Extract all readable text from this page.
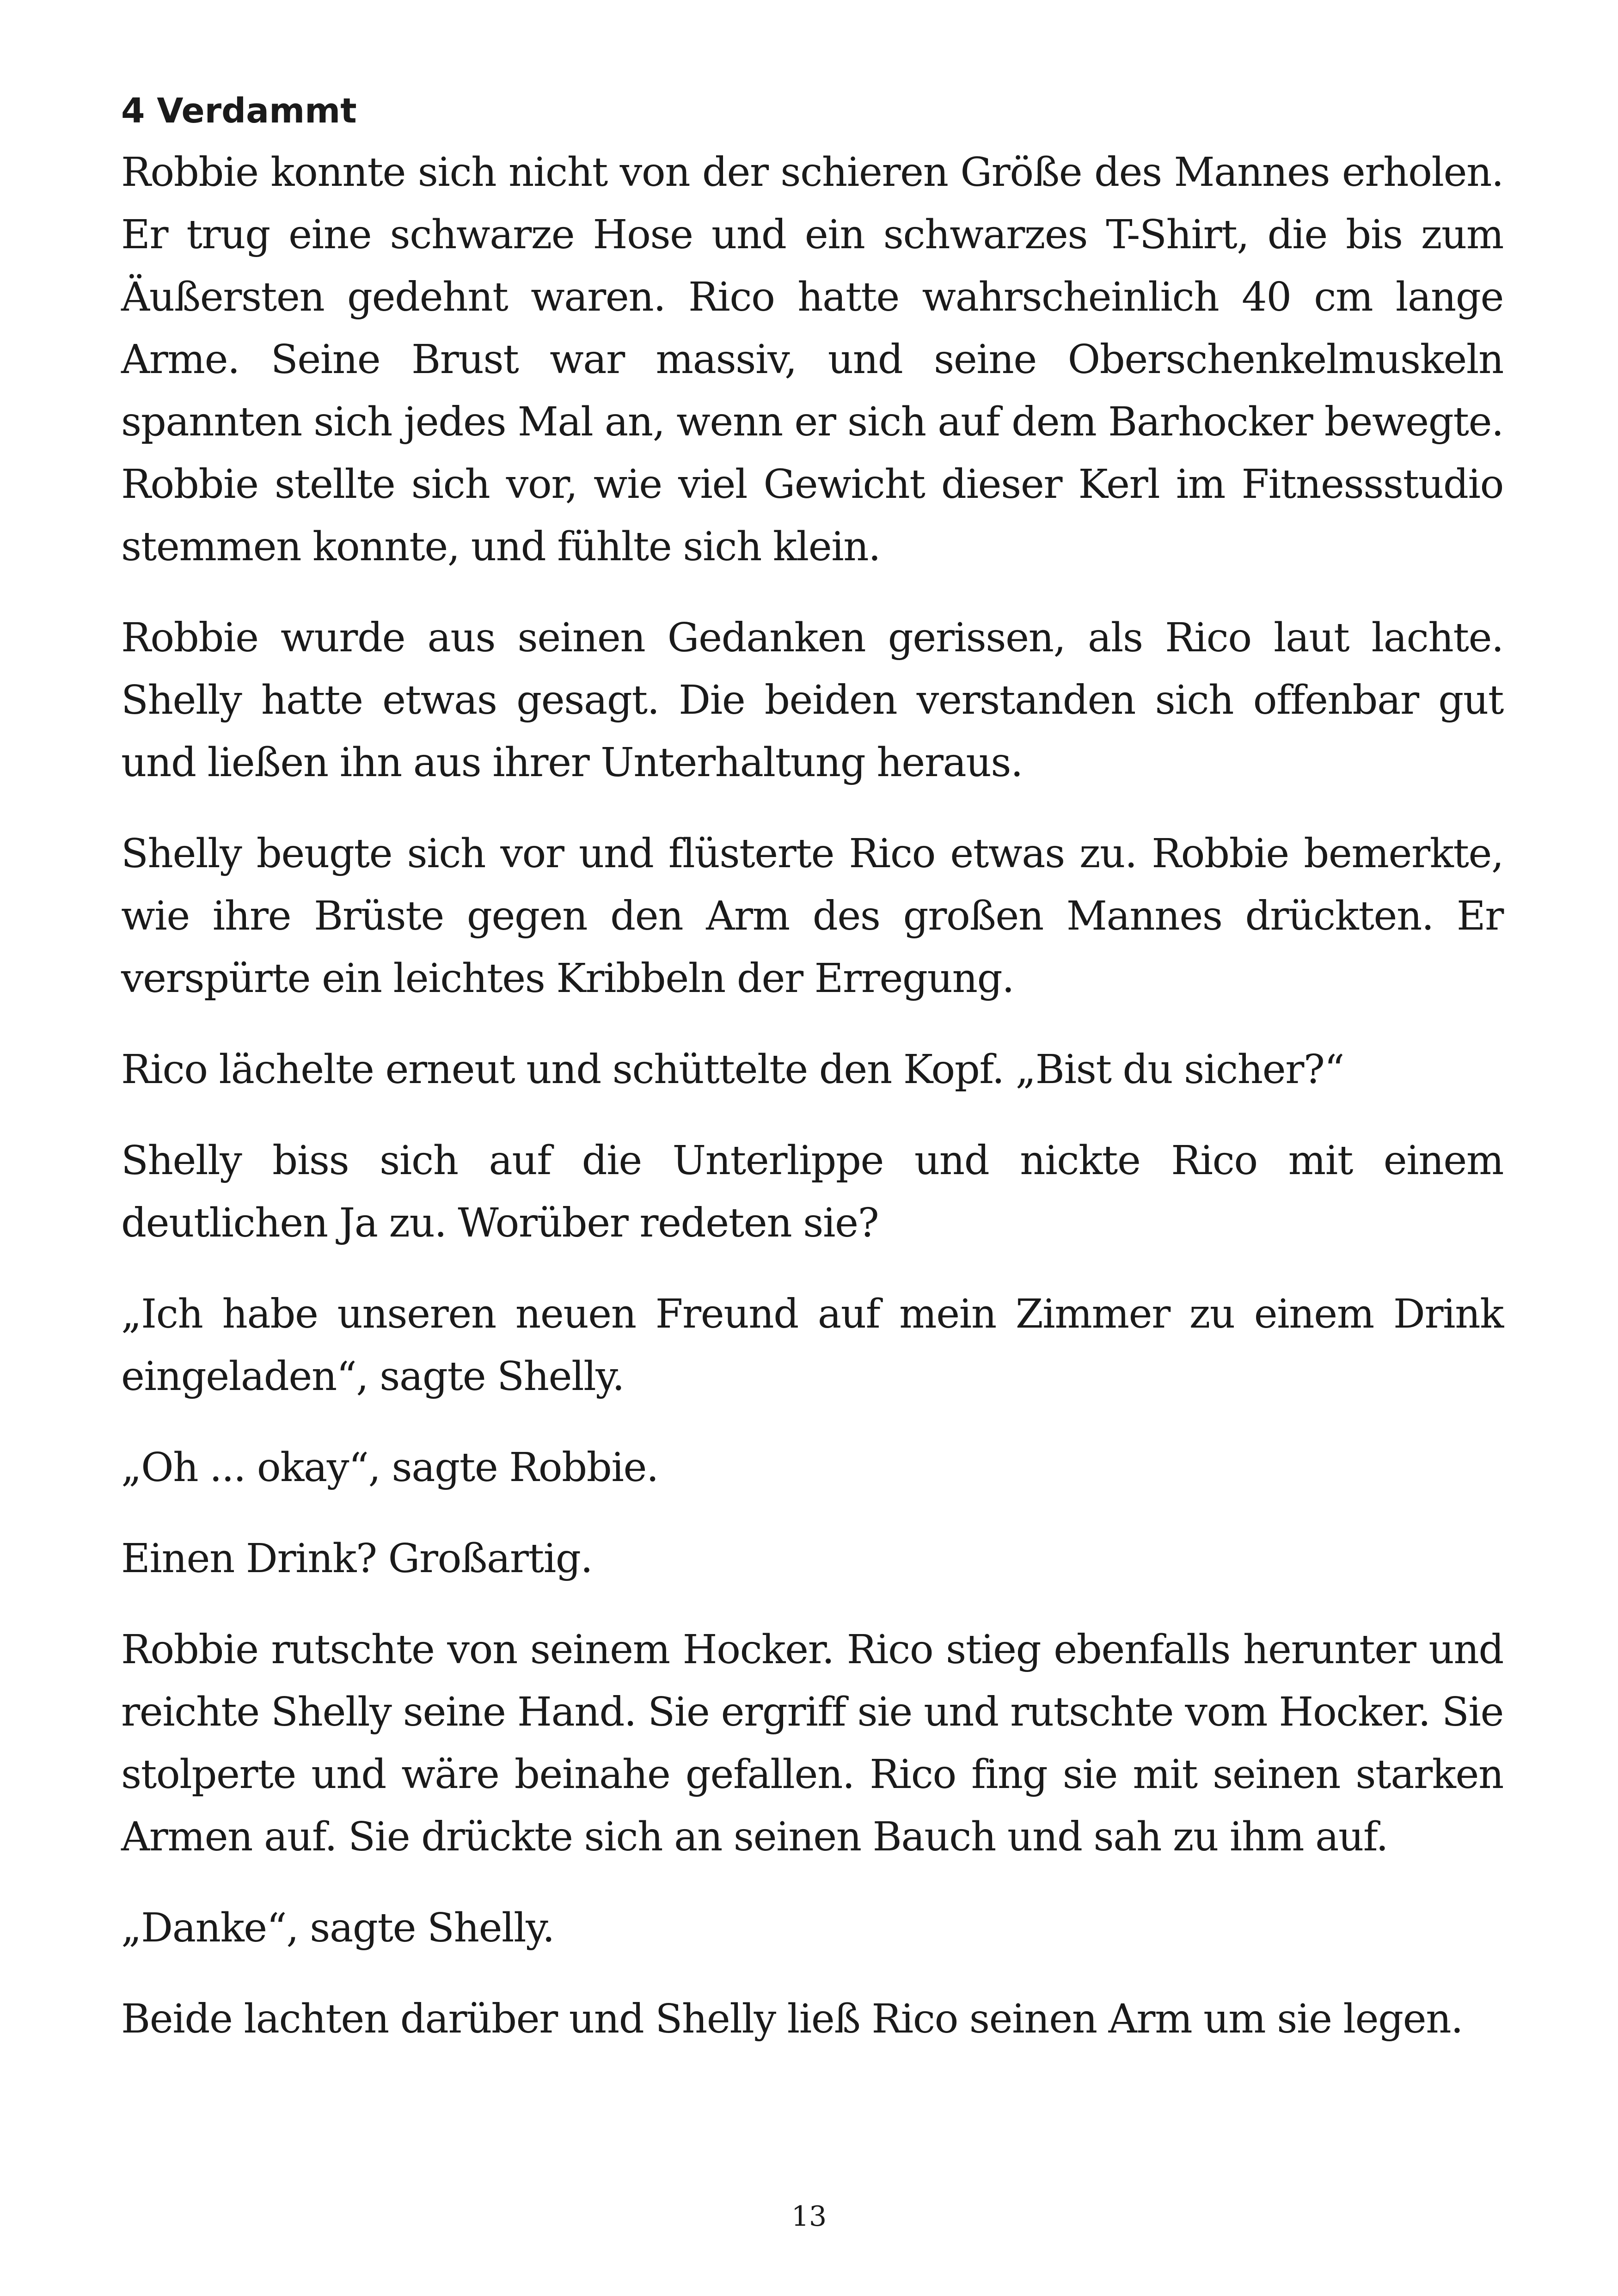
4 Verdammt

Robbie konnte sich nicht von der schieren Größe des Mannes erholen. Er trug eine schwarze Hose und ein schwarzes T-Shirt, die bis zum Äußersten gedehnt waren. Rico hatte wahrscheinlich 40 cm lange Arme. Seine Brust war massiv, und seine Oberschenkelmuskeln spannten sich jedes Mal an, wenn er sich auf dem Barhocker bewegte. Robbie stellte sich vor, wie viel Gewicht dieser Kerl im Fitnessstudio stemmen konnte, und fühlte sich klein.

Robbie wurde aus seinen Gedanken gerissen, als Rico laut lachte. Shelly hatte etwas gesagt. Die beiden verstanden sich offenbar gut und ließen ihn aus ihrer Unterhaltung heraus.

Shelly beugte sich vor und flüsterte Rico etwas zu. Robbie bemerkte, wie ihre Brüste gegen den Arm des großen Mannes drückten. Er verspürte ein leichtes Kribbeln der Erregung.

Rico lächelte erneut und schüttelte den Kopf. „Bist du sicher?“

Shelly biss sich auf die Unterlippe und nickte Rico mit einem deutlichen Ja zu. Worüber redeten sie?

„Ich habe unseren neuen Freund auf mein Zimmer zu einem Drink eingeladen“, sagte Shelly.

„Oh ... okay“, sagte Robbie.

Einen Drink? Großartig.

Robbie rutschte von seinem Hocker. Rico stieg ebenfalls herunter und reichte Shelly seine Hand. Sie ergriff sie und rutschte vom Hocker. Sie stolperte und wäre beinahe gefallen. Rico fing sie mit seinen starken Armen auf. Sie drückte sich an seinen Bauch und sah zu ihm auf.

„Danke“, sagte Shelly.

Beide lachten darüber und Shelly ließ Rico seinen Arm um sie legen.

13
